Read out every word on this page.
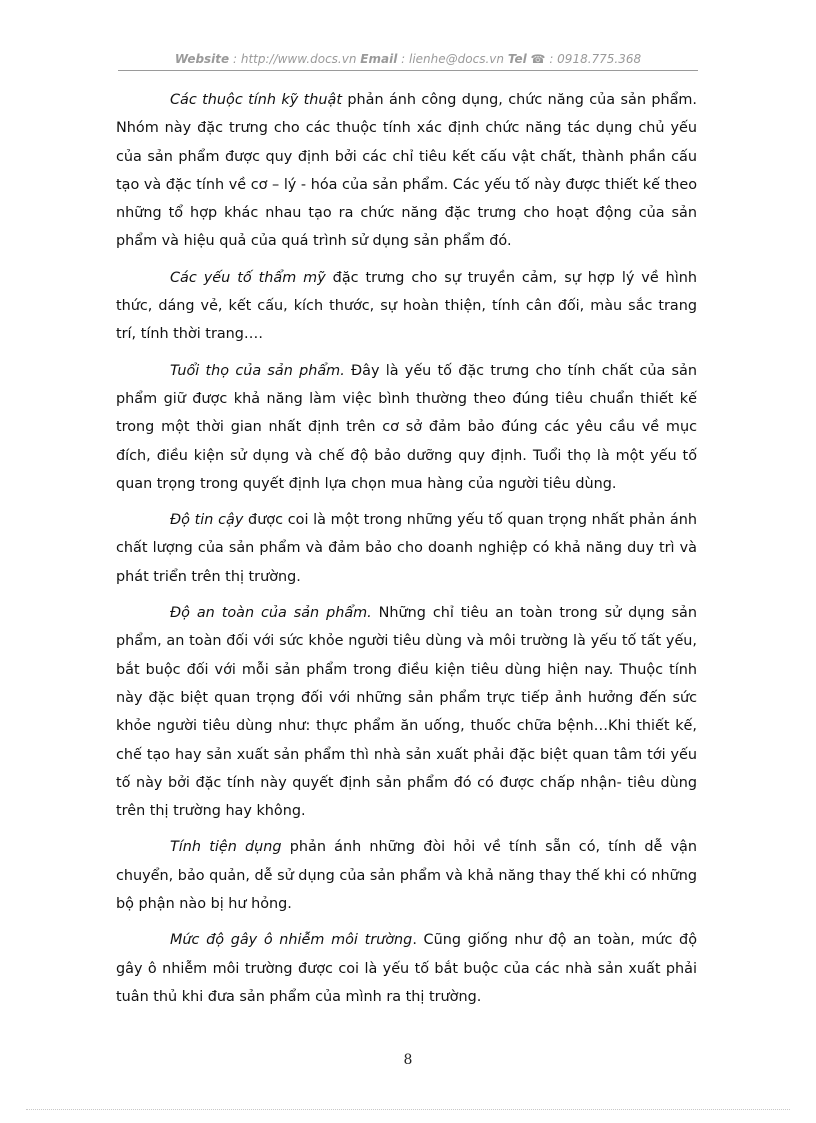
Website : http://www.docs.vn Email : lienhe@docs.vn Tel ☎ : 0918.775.368

Các thuộc tính kỹ thuật phản ánh công dụng, chức năng của sản phẩm. Nhóm này đặc trưng cho các thuộc tính xác định chức năng tác dụng chủ yếu của sản phẩm được quy định bởi các chỉ tiêu kết cấu vật chất, thành phần cấu tạo và đặc tính về cơ – lý - hóa của sản phẩm. Các yếu tố này được thiết kế theo những tổ hợp khác nhau tạo ra chức năng đặc trưng cho hoạt động của sản phẩm và hiệu quả của quá trình sử dụng sản phẩm đó.

Các yếu tố thẩm mỹ đặc trưng cho sự truyền cảm, sự hợp lý về hình thức, dáng vẻ, kết cấu, kích thước, sự hoàn thiện, tính cân đối, màu sắc trang trí, tính thời trang….

Tuổi thọ của sản phẩm. Đây là yếu tố đặc trưng cho tính chất của sản phẩm giữ được khả năng làm việc bình thường theo đúng tiêu chuẩn thiết kế trong một thời gian nhất định trên cơ sở đảm bảo đúng các yêu cầu về mục đích, điều kiện sử dụng và chế độ bảo dưỡng quy định. Tuổi thọ là một yếu tố quan trọng trong quyết định lựa chọn mua hàng của người tiêu dùng.

Độ tin cậy được coi là một trong những yếu tố quan trọng nhất phản ánh chất lượng của sản phẩm và đảm bảo cho doanh nghiệp có khả năng duy trì và phát triển trên thị trường.

Độ an toàn của sản phẩm. Những chỉ tiêu an toàn trong sử dụng sản phẩm, an toàn đối với sức khỏe người tiêu dùng và môi trường là yếu tố tất yếu, bắt buộc đối với mỗi sản phẩm trong điều kiện tiêu dùng hiện nay. Thuộc tính này đặc biệt quan trọng đối với những sản phẩm trực tiếp ảnh hưởng đến sức khỏe người tiêu dùng như: thực phẩm ăn uống, thuốc chữa bệnh…Khi thiết kế, chế tạo hay sản xuất sản phẩm thì nhà sản xuất phải đặc biệt quan tâm tới yếu tố này bởi đặc tính này quyết định sản phẩm đó có được chấp nhận- tiêu dùng trên thị trường hay không.

Tính tiện dụng phản ánh những đòi hỏi về tính sẵn có, tính dễ vận chuyển, bảo quản, dễ sử dụng của sản phẩm và khả năng thay thế khi có những bộ phận nào bị hư hỏng.

Mức độ gây ô nhiễm môi trường. Cũng giống như độ an toàn, mức độ gây ô nhiễm môi trường được coi là yếu tố bắt buộc của các nhà sản xuất phải tuân thủ khi đưa sản phẩm của mình ra thị trường.

8
